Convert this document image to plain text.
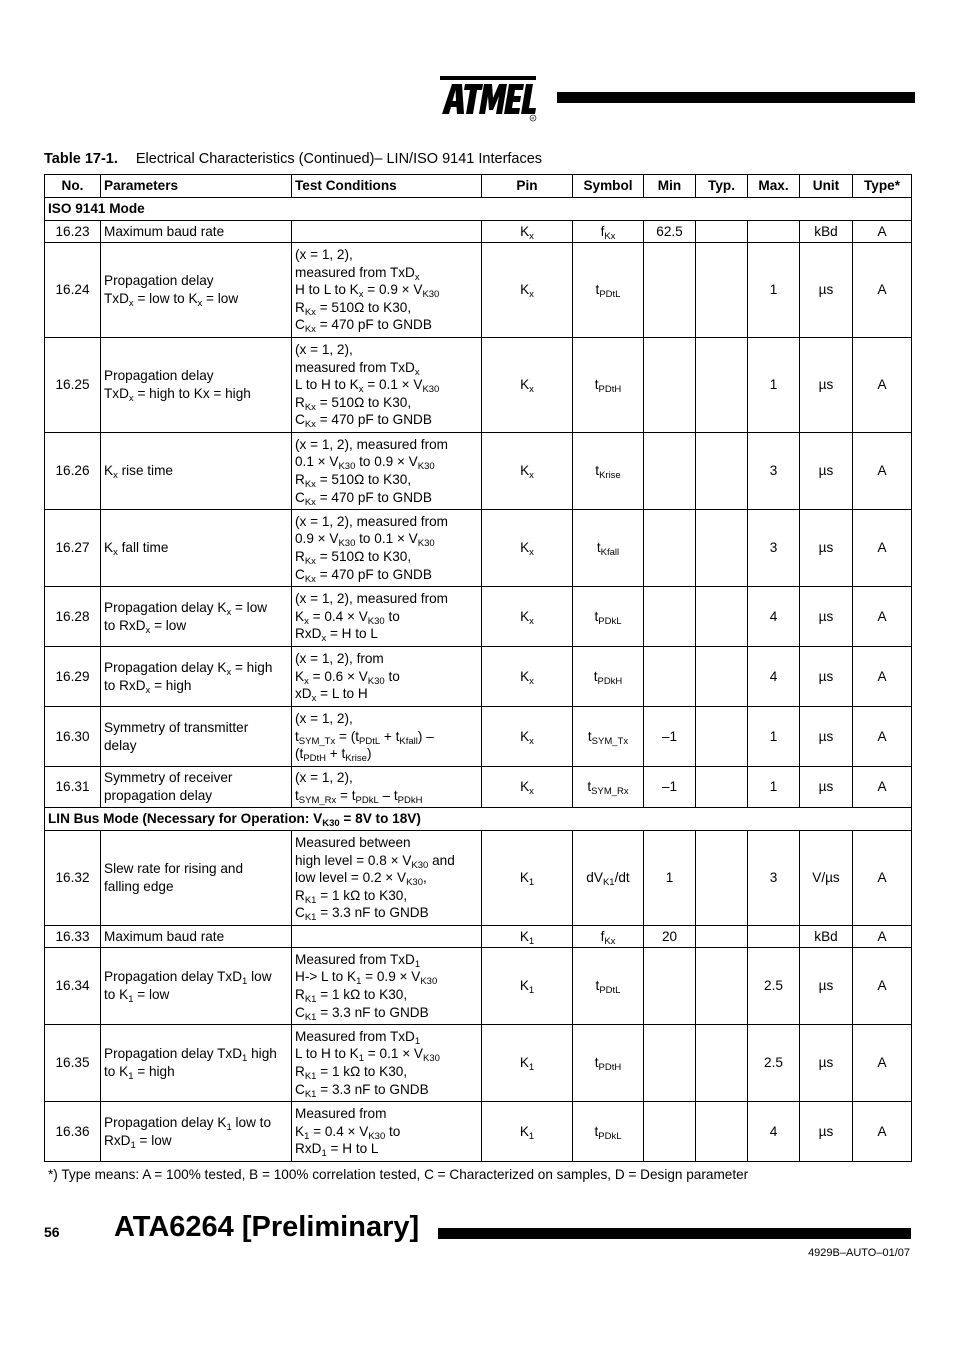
R
Table 17-1. Electrical Characteristics (Continued)– LIN/ISO 9141 Interfaces
No.	Parameters	Test Conditions	Pin	Symbol	Min	Typ.	Max.	Unit	Type*
ISO 9141 Mode									
16.23	Maximum baud rate		$K_x$	$f_{Kx}$	62.5			kBd	A
16.24	Propagation delay
TxD$_x$ = low to $K_x$ = low	(x = 1, 2),
measured from TxD$_x$
H to L to $K_x = 0.9 \times V_{K30}$
$R_{Kx} = 510\Omega$ to K30,
$C_{Kx} = 470$ pF to GNDB	$K_x$	$t_{PDtL}$			1	µs	A
16.25	Propagation delay
TxD$_x$ = high to Kx = high	(x = 1, 2),
measured from TxD$_x$
L to H to $K_x = 0.1 \times V_{K30}$
$R_{Kx} = 510\Omega$ to K30,
$C_{Kx} = 470$ pF to GNDB	$K_x$	$t_{PDtH}$			1	µs	A
16.26	$K_x$ rise time	(x = 1, 2), measured from
$0.1 \times V_{K30}$ to $0.9 \times V_{K30}$
$R_{Kx} = 510\Omega$ to K30,
$C_{Kx} = 470$ pF to GNDB	$K_x$	$t_{Krise}$			3	µs	A
16.27	$K_x$ fall time	(x = 1, 2), measured from
$0.9 \times V_{K30}$ to $0.1 \times V_{K30}$
$R_{Kx} = 510\Omega$ to K30,
$C_{Kx} = 470$ pF to GNDB	$K_x$	$t_{Kfall}$			3	µs	A
16.28	Propagation delay $K_x$ = low
to RxD$_x$ = low	(x = 1, 2), measured from
$K_x = 0.4 \times V_{K30}$ to
RxD$_x$ = H to L	$K_x$	$t_{PDkL}$			4	µs	A
16.29	Propagation delay $K_x$ = high
to RxD$_x$ = high	(x = 1, 2), from
$K_x = 0.6 \times V_{K30}$ to
$xD_x = L$ to H	$K_x$	$t_{PDkH}$			4	µs	A
16.30	Symmetry of transmitter
delay	(x = 1, 2),
$t_{SYM\_Tx} = (t_{PDtL} + t_{Kfall})$ –
$(t_{PDtH} + t_{Krise})$	$K_x$	$t_{SYM\_Tx}$	–1		1	µs	A
16.31	Symmetry of receiver
propagation delay	(x = 1, 2),
$t_{SYM\_Rx} = t_{PDkL} - t_{PDkH}$	$K_x$	$t_{SYM\_Rx}$	–1		1	µs	A
LIN Bus Mode (Necessary for Operation: $V_{K30} = 8V$ to 18V)									
16.32	Slew rate for rising and
falling edge	Measured between
high level = $0.8 \times V_{K30}$ and
low level = $0.2 \times V_{K30}$,
$R_{K1} = 1$ kΩ to K30,
$C_{K1} = 3.3$ nF to GNDB	$K_1$	$dV_{K1}/dt$	1		3	V/µs	A
16.33	Maximum baud rate		$K_1$	$f_{Kx}$	20			kBd	A
16.34	Propagation delay TxD$_1$ low
to $K_1$ = low	Measured from TxD$_1$
H-> L to $K_1 = 0.9 \times V_{K30}$
$R_{K1} = 1$ kΩ to K30,
$C_{K1} = 3.3$ nF to GNDB	$K_1$	$t_{PDtL}$			2.5	µs	A
16.35	Propagation delay TxD$_1$ high
to $K_1$ = high	Measured from TxD$_1$
L to H to $K_1 = 0.1 \times V_{K30}$
$R_{K1} = 1$ kΩ to K30,
$C_{K1} = 3.3$ nF to GNDB	$K_1$	$t_{PDtH}$			2.5	µs	A
16.36	Propagation delay $K_1$ low to
RxD$_1$ = low	Measured from
$K_1 = 0.4 \times V_{K30}$ to
RxD$_1$ = H to L	$K_1$	$t_{PDkL}$			4	µs	A
*) Type means: A = 100% tested, B = 100% correlation tested, C = Characterized on samples, D = Design parameter
56 ATA6264 [Preliminary]
4929B–AUTO–01/07
